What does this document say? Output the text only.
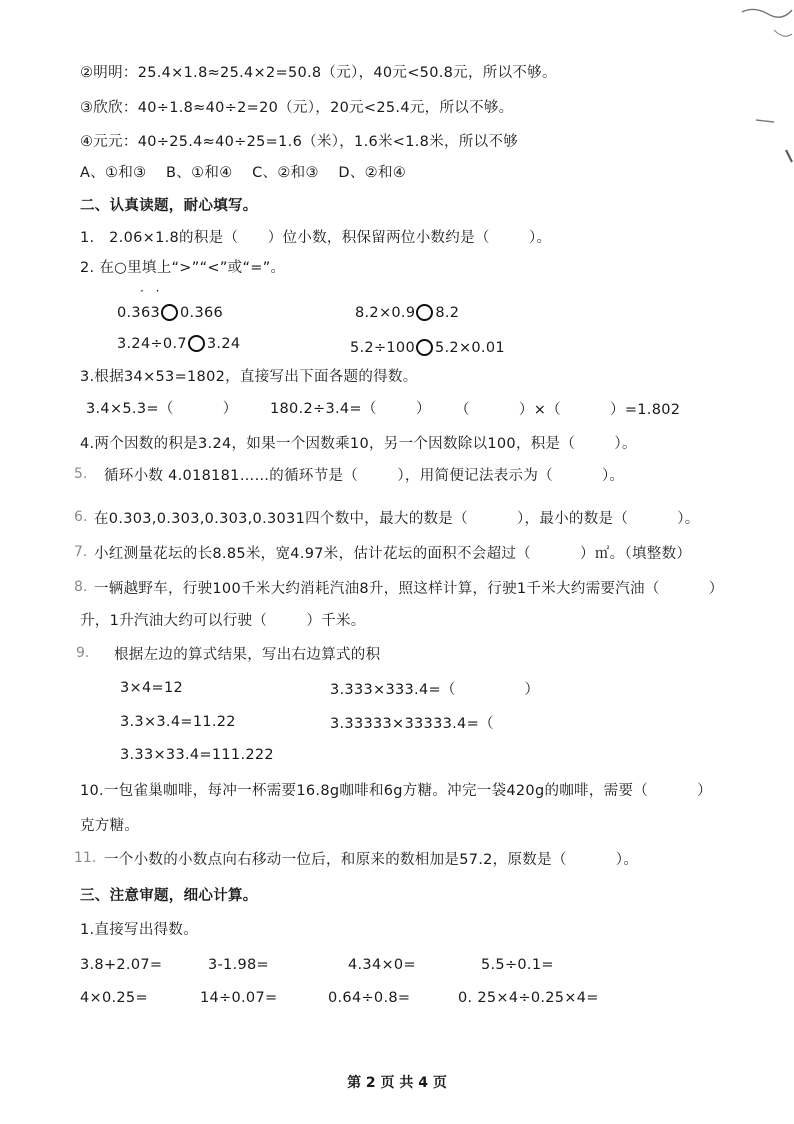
②明明：25.4×1.8≈25.4×2=50.8（元），40元<50.8元，所以不够。
③欣欣：40÷1.8≈40÷2=20（元），20元<25.4元，所以不够。
④元元：40÷25.4≈40÷25=1.6（米），1.6米<1.8米，所以不够
A、①和③    B、①和④    C、②和③    D、②和④
二、认真读题，耐心填写。
1.   2.06×1.8的积是（      ）位小数，积保留两位小数约是（        ）。
2. 在○里填上“>”“<”或“=”。
· ·
0.363 0.366	8.2×0.9 8.2
3.24÷0.7 3.24	5.2÷100 5.2×0.01
3.根据34×53=1802，直接写出下面各题的得数。
3.4×5.3=（          ） 180.2÷3.4=（        ） （          ）×（          ）=1.802
4.两个因数的积是3.24，如果一个因数乘10，另一个因数除以100，积是（        ）。
5. 循环小数 4.018181……的循环节是（        ），用简便记法表示为（          ）。
6. 在0.303,0.303,0.303,0.3031四个数中，最大的数是（          ），最小的数是（          ）。
7. 小红测量花坛的长8.85米，宽4.97米，估计花坛的面积不会超过（          ）㎡。（填整数）
8. 一辆越野车，行驶100千米大约消耗汽油8升，照这样计算，行驶1千米大约需要汽油（          ）
升，1升汽油大约可以行驶（        ）千米。
9. 根据左边的算式结果，写出右边算式的积
3×4=12	3.333×333.4=（              ）
3.3×3.4=11.22	3.33333×33333.4=（
3.33×33.4=111.222
10.一包雀巢咖啡，每冲一杯需要16.8g咖啡和6g方糖。冲完一袋420g的咖啡，需要（          ）
克方糖。
11. 一个小数的小数点向右移动一位后，和原来的数相加是57.2，原数是（          ）。
三、注意审题，细心计算。
1.直接写出得数。
3.8+2.07=	3-1.98=	4.34×0=	5.5÷0.1=
4×0.25=	14÷0.07=	0.64÷0.8=	0. 25×4÷0.25×4=
第 2 页 共 4 页
